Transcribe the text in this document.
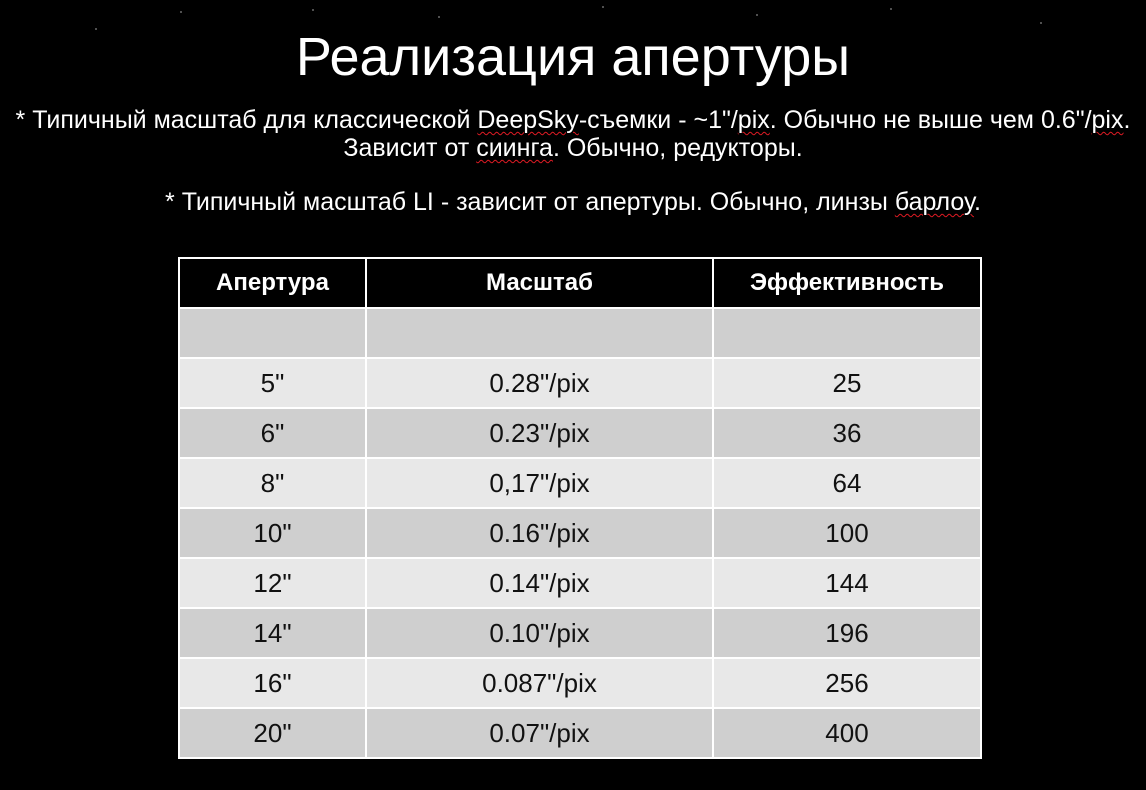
Реализация апертуры

* Типичный масштаб для классической DeepSky-съемки - ~1"/pix. Обычно не выше чем 0.6"/pix. Зависит от сиинга. Обычно, редукторы.

* Типичный масштаб LI - зависит от апертуры. Обычно, линзы барлоу.

Апертура	Масштаб	Эффективность

5"	0.28"/pix	25
6"	0.23"/pix	36
8"	0,17"/pix	64
10"	0.16"/pix	100
12"	0.14"/pix	144
14"	0.10"/pix	196
16"	0.087"/pix	256
20"	0.07"/pix	400
